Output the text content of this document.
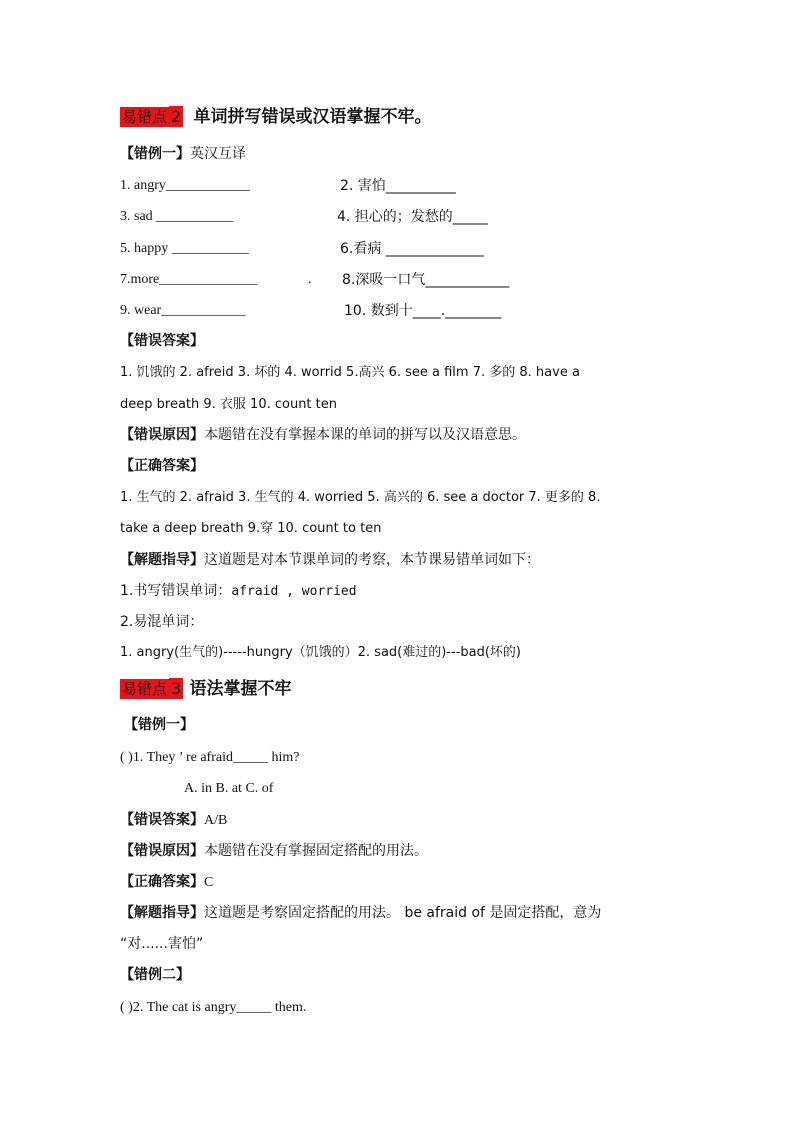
易错点 2 单词拼写错误或汉语掌握不牢。
【错例一】英汉互译
1. angry____________	2. 害怕__________
3. sad ___________	4. 担心的；发愁的_____
5. happy ___________	6.看病 ______________
7.more______________	. 8.深吸一口气____________
9. wear____________	10. 数到十____.________
【错误答案】
1. 饥饿的 2. afreid 3. 坏的 4. worrid 5.高兴 6. see a film 7. 多的 8. have a
deep breath 9. 衣服 10. count ten
【错误原因】本题错在没有掌握本课的单词的拼写以及汉语意思。
【正确答案】
1. 生气的 2. afraid 3. 生气的 4. worried 5. 高兴的 6. see a doctor 7. 更多的 8.
take a deep breath 9.穿 10. count to ten
【解题指导】这道题是对本节课单词的考察，本节课易错单词如下：
1.书写错误单词：afraid , worried
2.易混单词：
1. angry(生气的)-----hungry（饥饿的）2. sad(难过的)---bad(坏的)
易错点 3 语法掌握不牢
【错例一】
( )1. They ’ re afraid_____ him?
A. in B. at C. of
【错误答案】A/B
【错误原因】本题错在没有掌握固定搭配的用法。
【正确答案】C
【解题指导】这道题是考察固定搭配的用法。 be afraid of 是固定搭配，意为
“对......害怕”
【错例二】
( )2. The cat is angry_____ them.
